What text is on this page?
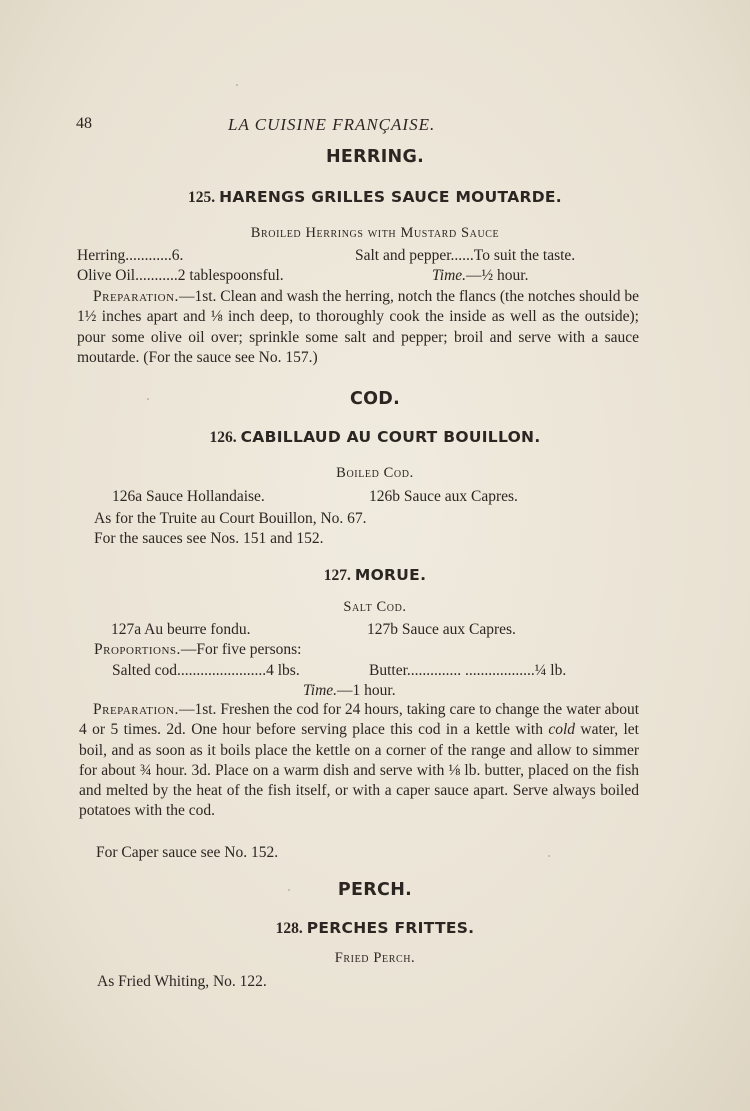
48	LA CUISINE FRANÇAISE.
HERRING.
125. HARENGS GRILLES SAUCE MOUTARDE.
Broiled Herrings with Mustard Sauce
Herring............6.	Salt and pepper......To suit the taste.
Olive Oil...........2 tablespoonsful.	Time.—½ hour.
Preparation.—1st. Clean and wash the herring, notch the flancs (the notches should be 1½ inches apart and ⅛ inch deep, to thoroughly cook the inside as well as the outside); pour some olive oil over; sprinkle some salt and pepper; broil and serve with a sauce moutarde. (For the sauce see No. 157.)
COD.
126. CABILLAUD AU COURT BOUILLON.
Boiled Cod.
126a Sauce Hollandaise.	126b Sauce aux Capres.
As for the Truite au Court Bouillon, No. 67.
For the sauces see Nos. 151 and 152.
127. MORUE.
Salt Cod.
127a Au beurre fondu.	127b Sauce aux Capres.
Proportions.—For five persons:
Salted cod.......................4 lbs.	Butter.............. ..................¼ lb.
Time.—1 hour.
Preparation.—1st. Freshen the cod for 24 hours, taking care to change the water about 4 or 5 times. 2d. One hour before serving place this cod in a kettle with cold water, let boil, and as soon as it boils place the kettle on a corner of the range and allow to simmer for about ¾ hour. 3d. Place on a warm dish and serve with ⅛ lb. butter, placed on the fish and melted by the heat of the fish itself, or with a caper sauce apart. Serve always boiled potatoes with the cod.
For Caper sauce see No. 152.
PERCH.
128. PERCHES FRITTES.
Fried Perch.
As Fried Whiting, No. 122.
